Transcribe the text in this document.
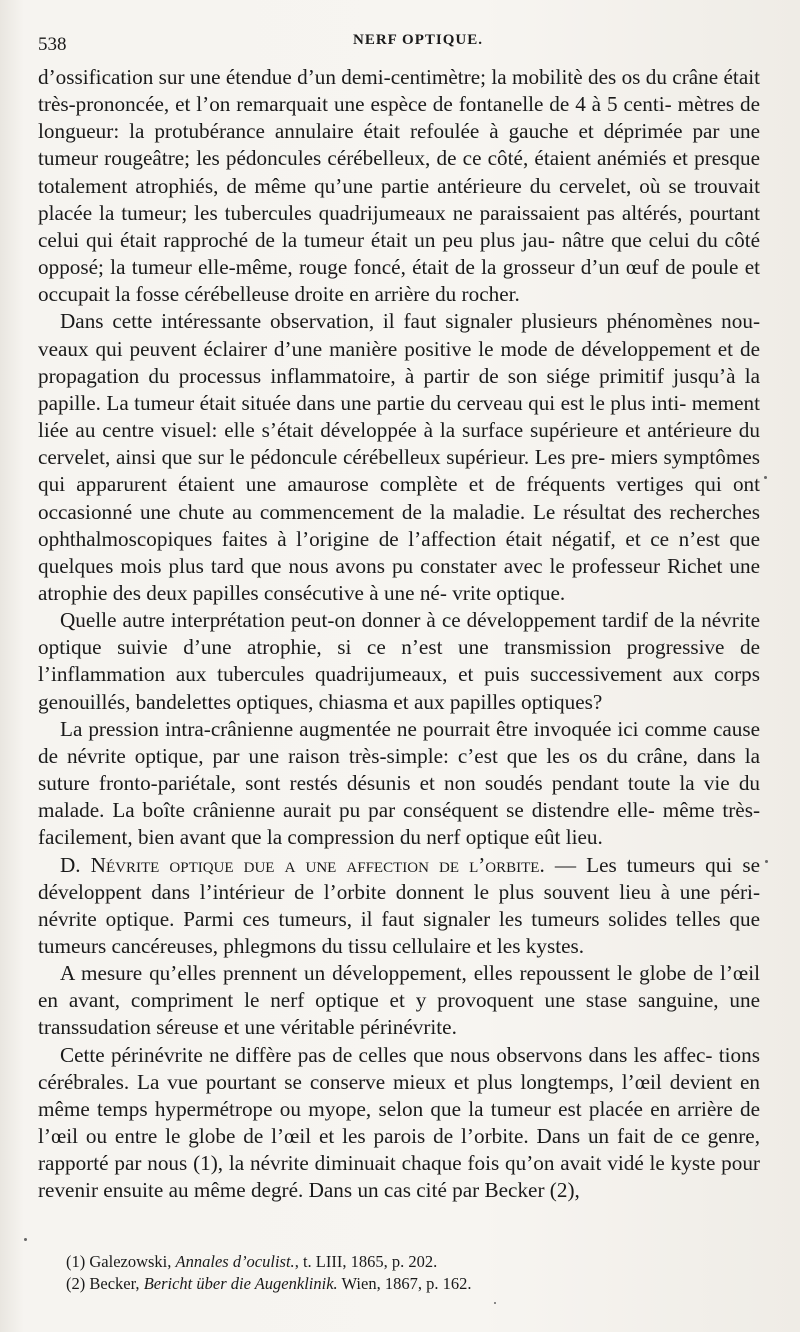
538	NERF OPTIQUE.

d’ossification sur une étendue d’un demi-centimètre; la mobilitè des os du crâne était très-prononcée, et l’on remarquait une espèce de fontanelle de 4 à 5 centi- mètres de longueur: la protubérance annulaire était refoulée à gauche et déprimée par une tumeur rougeâtre; les pédoncules cérébelleux, de ce côté, étaient anémiés et presque totalement atrophiés, de même qu’une partie antérieure du cervelet, où se trouvait placée la tumeur; les tubercules quadrijumeaux ne paraissaient pas altérés, pourtant celui qui était rapproché de la tumeur était un peu plus jau- nâtre que celui du côté opposé; la tumeur elle-même, rouge foncé, était de la grosseur d’un œuf de poule et occupait la fosse cérébelleuse droite en arrière du rocher.

Dans cette intéressante observation, il faut signaler plusieurs phénomènes nou- veaux qui peuvent éclairer d’une manière positive le mode de développement et de propagation du processus inflammatoire, à partir de son siége primitif jusqu’à la papille. La tumeur était située dans une partie du cerveau qui est le plus inti- mement liée au centre visuel: elle s’était développée à la surface supérieure et antérieure du cervelet, ainsi que sur le pédoncule cérébelleux supérieur. Les pre- miers symptômes qui apparurent étaient une amaurose complète et de fréquents vertiges qui ont occasionné une chute au commencement de la maladie. Le résultat des recherches ophthalmoscopiques faites à l’origine de l’affection était négatif, et ce n’est que quelques mois plus tard que nous avons pu constater avec le professeur Richet une atrophie des deux papilles consécutive à une né- vrite optique.

Quelle autre interprétation peut-on donner à ce développement tardif de la névrite optique suivie d’une atrophie, si ce n’est une transmission progressive de l’inflammation aux tubercules quadrijumeaux, et puis successivement aux corps genouillés, bandelettes optiques, chiasma et aux papilles optiques?

La pression intra-crânienne augmentée ne pourrait être invoquée ici comme cause de névrite optique, par une raison très-simple: c’est que les os du crâne, dans la suture fronto-pariétale, sont restés désunis et non soudés pendant toute la vie du malade. La boîte crânienne aurait pu par conséquent se distendre elle- même très-facilement, bien avant que la compression du nerf optique eût lieu.

D. Névrite optique due a une affection de l’orbite. — Les tumeurs qui se développent dans l’intérieur de l’orbite donnent le plus souvent lieu à une péri- névrite optique. Parmi ces tumeurs, il faut signaler les tumeurs solides telles que tumeurs cancéreuses, phlegmons du tissu cellulaire et les kystes.

A mesure qu’elles prennent un développement, elles repoussent le globe de l’œil en avant, compriment le nerf optique et y provoquent une stase sanguine, une transsudation séreuse et une véritable périnévrite.

Cette périnévrite ne diffère pas de celles que nous observons dans les affec- tions cérébrales. La vue pourtant se conserve mieux et plus longtemps, l’œil devient en même temps hypermétrope ou myope, selon que la tumeur est placée en arrière de l’œil ou entre le globe de l’œil et les parois de l’orbite. Dans un fait de ce genre, rapporté par nous (1), la névrite diminuait chaque fois qu’on avait vidé le kyste pour revenir ensuite au même degré. Dans un cas cité par Becker (2),

(1) Galezowski, Annales d’oculist., t. LIII, 1865, p. 202.
(2) Becker, Bericht über die Augenklinik. Wien, 1867, p. 162.
